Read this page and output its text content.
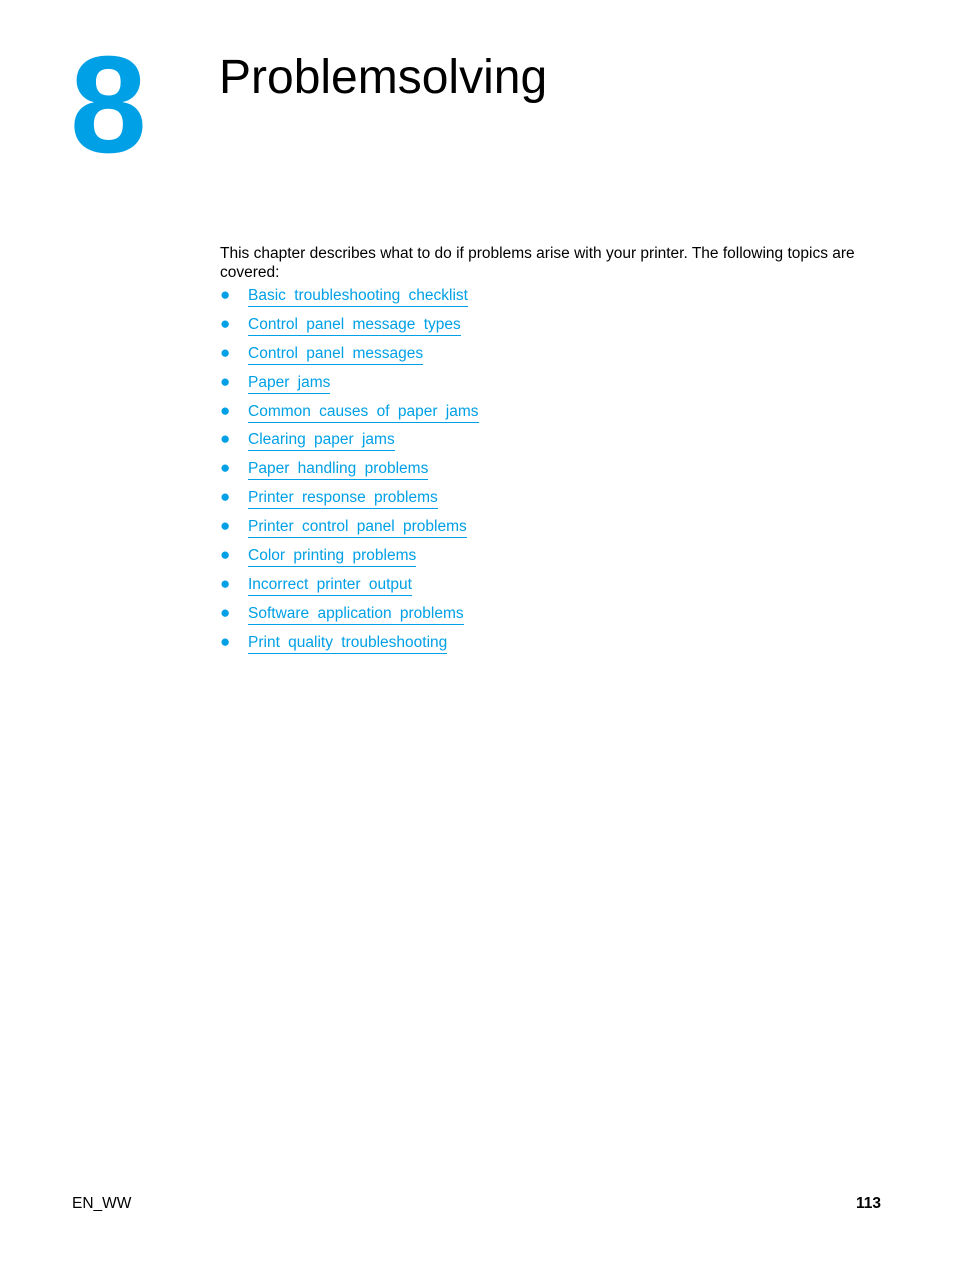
8 Problemsolving

This chapter describes what to do if problems arise with your printer. The following topics are covered:

● Basic troubleshooting checklist
● Control panel message types
● Control panel messages
● Paper jams
● Common causes of paper jams
● Clearing paper jams
● Paper handling problems
● Printer response problems
● Printer control panel problems
● Color printing problems
● Incorrect printer output
● Software application problems
● Print quality troubleshooting
EN_WW	113
